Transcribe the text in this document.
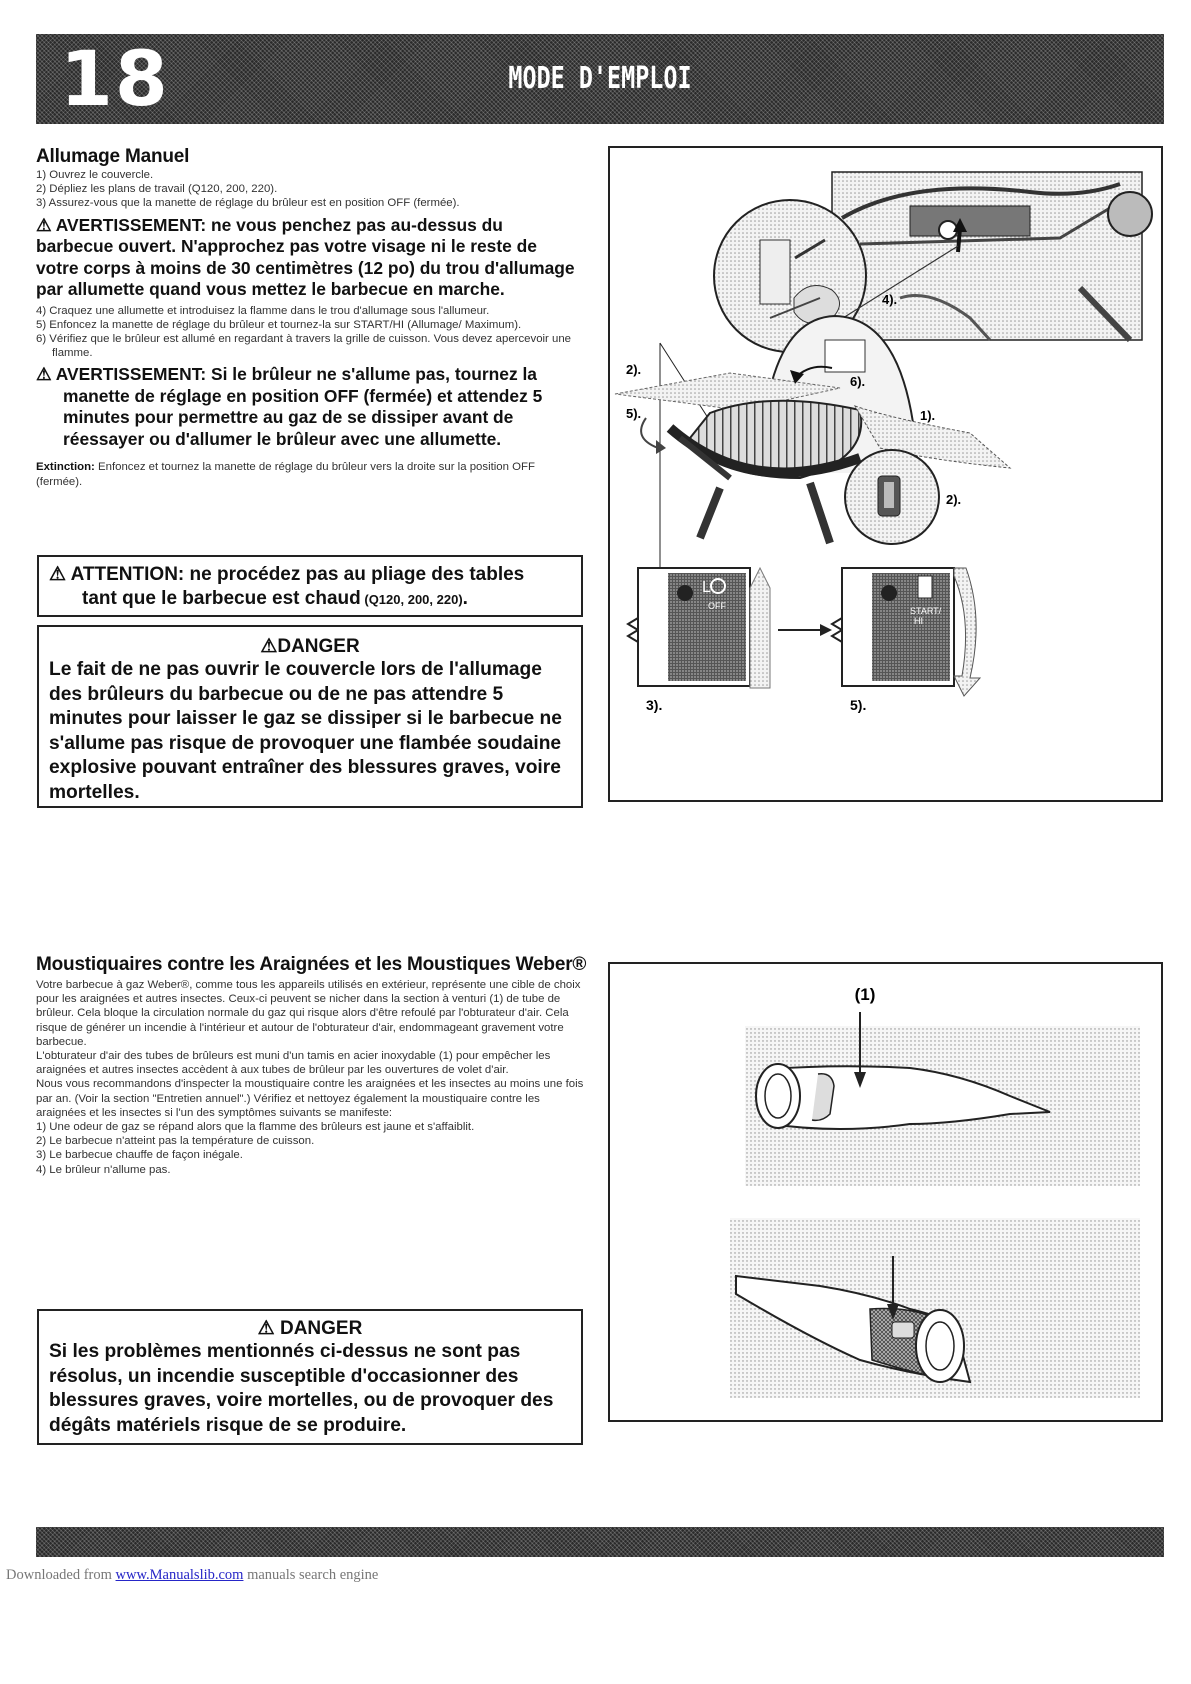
MODE D'EMPLOI
18
Allumage Manuel

1) Ouvrez le couvercle.

2) Dépliez les plans de travail (Q120, 200, 220).

3) Assurez-vous que la manette de réglage du brûleur est en position OFF (fermée).

⚠ AVERTISSEMENT: ne vous penchez pas au-dessus du barbecue ouvert. N'approchez pas votre visage ni le reste de votre corps à moins de 30 centimètres (12 po) du trou d'allumage par allumette quand vous mettez le barbecue en marche.

4) Craquez une allumette et introduisez la flamme dans le trou d'allumage sous l'allumeur.

5) Enfoncez la manette de réglage du brûleur et tournez-la sur START/HI (Allumage/ Maximum).

6) Vérifiez que le brûleur est allumé en regardant à travers la grille de cuisson. Vous devez apercevoir une flamme.

⚠ AVERTISSEMENT: Si le brûleur ne s'allume pas, tournez la
manette de réglage en position OFF (fermée) et attendez 5 minutes pour permettre au gaz de se dissiper avant de réessayer ou d'allumer le brûleur avec une allumette.

Extinction: Enfoncez et tournez la manette de réglage du brûleur vers la droite sur la position OFF (fermée).

⚠ ATTENTION: ne procédez pas au pliage des tables
tant que le barbecue est chaud (Q120, 200, 220).
⚠DANGER
Le fait de ne pas ouvrir le couvercle lors de l'allumage des brûleurs du barbecue ou de ne pas attendre 5 minutes pour laisser le gaz se dissiper si le barbecue ne s'allume pas risque de provoquer une flambée soudaine explosive pouvant entraîner des blessures graves, voire mortelles.
4).
2).
5).
6).
1).
2).
L
OFF	START/
HI
3).	5).
Moustiquaires contre les Araignées et les Moustiques Weber®

Votre barbecue à gaz Weber®, comme tous les appareils utilisés en extérieur, représente une cible de choix pour les araignées et autres insectes. Ceux-ci peuvent se nicher dans la section à venturi (1) de tube de brûleur. Cela bloque la circulation normale du gaz qui risque alors d'être refoulé par l'obturateur d'air. Cela risque de générer un incendie à l'intérieur et autour de l'obturateur d'air, endommageant gravement votre barbecue.

L'obturateur d'air des tubes de brûleurs est muni d'un tamis en acier inoxydable (1) pour empêcher les araignées et autres insectes accèdent à aux tubes de brûleur par les ouvertures de volet d'air.

Nous vous recommandons d'inspecter la moustiquaire contre les araignées et les insectes au moins une fois par an. (Voir la section "Entretien annuel".) Vérifiez et nettoyez également la moustiquaire contre les araignées et les insectes si l'un des symptômes suivants se manifeste:

1) Une odeur de gaz se répand alors que la flamme des brûleurs est jaune et s'affaiblit.

2) Le barbecue n'atteint pas la température de cuisson.

3) Le barbecue chauffe de façon inégale.

4) Le brûleur n'allume pas.

⚠ DANGER
Si les problèmes mentionnés ci-dessus ne sont pas résolus, un incendie susceptible d'occasionner des blessures graves, voire mortelles, ou de provoquer des dégâts matériels risque de se produire.
(1)
Downloaded from www.Manualslib.com manuals search engine
